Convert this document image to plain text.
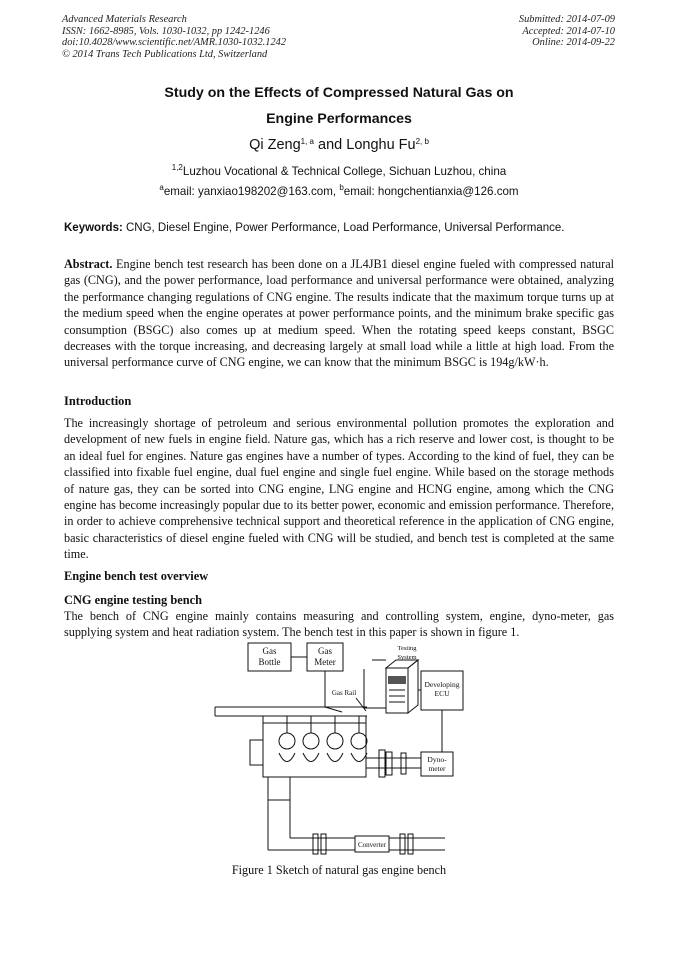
Advanced Materials Research
ISSN: 1662-8985, Vols. 1030-1032, pp 1242-1246
doi:10.4028/www.scientific.net/AMR.1030-1032.1242
© 2014 Trans Tech Publications Ltd, Switzerland
Submitted: 2014-07-09
Accepted: 2014-07-10
Online: 2014-09-22
Study on the Effects of Compressed Natural Gas on
Engine Performances
Qi Zeng$^{1, a}$ and Longhu Fu$^{2, b}$
$^{1,2}$Luzhou Vocational & Technical College, Sichuan Luzhou, china
$^a$email: yanxiao198202@163.com, $^b$email: hongchentianxia@126.com
Keywords: CNG, Diesel Engine, Power Performance, Load Performance, Universal Performance.
Abstract. Engine bench test research has been done on a JL4JB1 diesel engine fueled with compressed natural gas (CNG), and the power performance, load performance and universal performance were obtained, analyzing the performance changing regulations of CNG engine. The results indicate that the maximum torque turns up at the medium speed when the engine operates at power performance points, and the minimum brake specific gas consumption (BSGC) also comes up at medium speed. When the rotating speed keeps constant, BSGC decreases with the torque increasing, and decreasing largely at small load while a little at high load. From the universal performance curve of CNG engine, we can know that the minimum BSGC is 194g/kW·h.
Introduction
The increasingly shortage of petroleum and serious environmental pollution promotes the exploration and development of new fuels in engine field. Nature gas, which has a rich reserve and lower cost, is thought to be an ideal fuel for engines. Nature gas engines have a number of types. According to the kind of fuel, they can be classified into fixable fuel engine, dual fuel engine and single fuel engine. While based on the storage methods of nature gas, they can be sorted into CNG engine, LNG engine and HCNG engine, among which the CNG engine has become increasingly popular due to its better power, economic and emission performance. Therefore, in order to achieve comprehensive technical support and theoretical reference in the application of CNG engine, basic characteristics of diesel engine fueled with CNG will be studied, and bench test is completed at the same time.
Engine bench test overview
CNG engine testing bench
The bench of CNG engine mainly contains measuring and controlling system, engine, dyno-meter, gas supplying system and heat radiation system. The bench test in this paper is shown in figure 1.
Gas
Bottle
Gas
Meter
Testing
System
Developing
ECU
Gas Rail
Dyno-
meter
Converter
Figure 1 Sketch of natural gas engine bench
